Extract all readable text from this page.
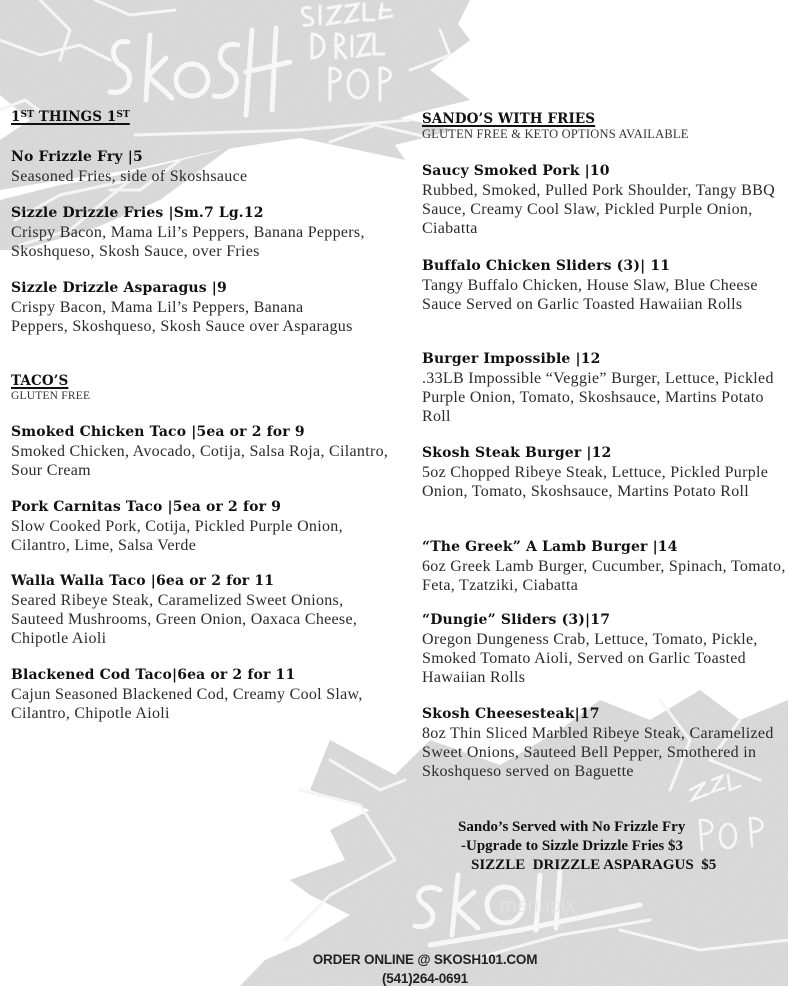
menupix
1ST THINGS 1ST
No Frizzle Fry |5
Seasoned Fries, side of Skoshsauce
Sizzle Drizzle Fries |Sm.7 Lg.12
Crispy Bacon, Mama Lil’s Peppers, Banana Peppers, Skoshqueso, Skosh Sauce, over Fries
Sizzle Drizzle Asparagus |9
Crispy Bacon, Mama Lil’s Peppers, Banana Peppers, Skoshqueso, Skosh Sauce over Asparagus
TACO’S
GLUTEN FREE
Smoked Chicken Taco |5ea or 2 for 9
Smoked Chicken, Avocado, Cotija, Salsa Roja, Cilantro, Sour Cream
Pork Carnitas Taco |5ea or 2 for 9
Slow Cooked Pork, Cotija, Pickled Purple Onion, Cilantro, Lime, Salsa Verde
Walla Walla Taco |6ea or 2 for 11
Seared Ribeye Steak, Caramelized Sweet Onions, Sauteed Mushrooms, Green Onion, Oaxaca Cheese, Chipotle Aioli
Blackened Cod Taco|6ea or 2 for 11
Cajun Seasoned Blackened Cod, Creamy Cool Slaw, Cilantro, Chipotle Aioli
SANDO’S WITH FRIES
GLUTEN FREE & KETO OPTIONS AVAILABLE
Saucy Smoked Pork |10
Rubbed, Smoked, Pulled Pork Shoulder, Tangy BBQ Sauce, Creamy Cool Slaw, Pickled Purple Onion, Ciabatta
Buffalo Chicken Sliders (3)| 11
Tangy Buffalo Chicken, House Slaw, Blue Cheese Sauce Served on Garlic Toasted Hawaiian Rolls
Burger Impossible |12
.33LB Impossible “Veggie” Burger, Lettuce, Pickled Purple Onion, Tomato, Skoshsauce, Martins Potato Roll
Skosh Steak Burger |12
5oz Chopped Ribeye Steak, Lettuce, Pickled Purple Onion, Tomato, Skoshsauce, Martins Potato Roll
“The Greek” A Lamb Burger |14
6oz Greek Lamb Burger, Cucumber, Spinach, Tomato, Feta, Tzatziki, Ciabatta
“Dungie” Sliders (3)|17
Oregon Dungeness Crab, Lettuce, Tomato, Pickle, Smoked Tomato Aioli, Served on Garlic Toasted Hawaiian Rolls
Skosh Cheesesteak|17
8oz Thin Sliced Marbled Ribeye Steak, Caramelized Sweet Onions, Sauteed Bell Pepper, Smothered in Skoshqueso served on Baguette
Sando’s Served with No Frizzle Fry
-Upgrade to Sizzle Drizzle Fries $3
SIZZLE  DRIZZLE ASPARAGUS  $5
ORDER ONLINE @ SKOSH101.COM
(541)264-0691
